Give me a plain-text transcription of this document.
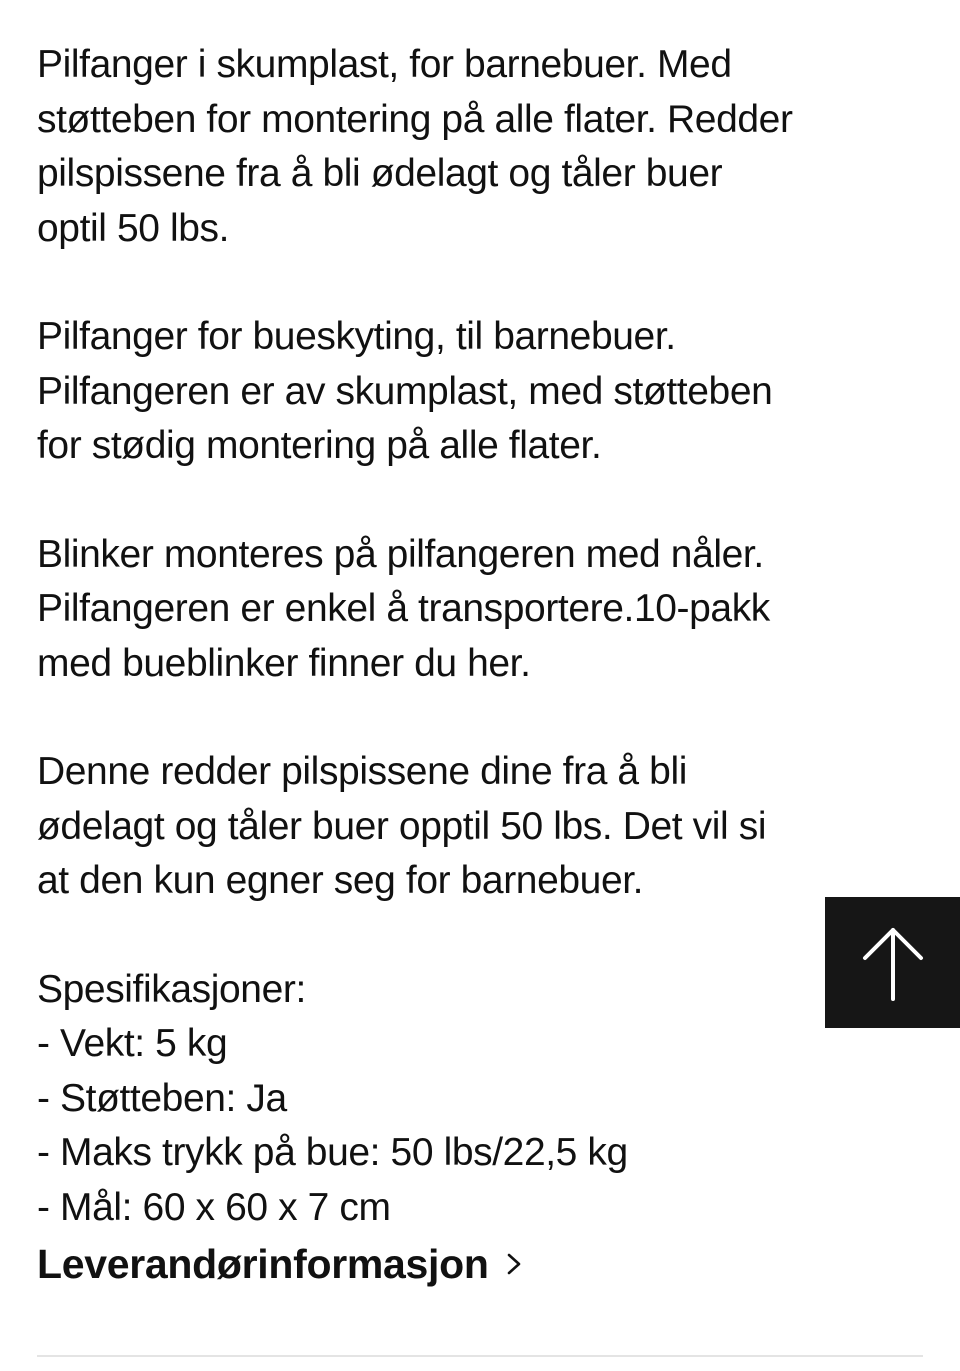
Pilfanger i skumplast, for barnebuer. Med
støtteben for montering på alle flater. Redder
pilspissene fra å bli ødelagt og tåler buer
optil 50 lbs.

Pilfanger for bueskyting, til barnebuer.
Pilfangeren er av skumplast, med støtteben
for stødig montering på alle flater.

Blinker monteres på pilfangeren med nåler.
Pilfangeren er enkel å transportere.10-pakk
med bueblinker finner du her.

Denne redder pilspissene dine fra å bli
ødelagt og tåler buer opptil 50 lbs. Det vil si
at den kun egner seg for barnebuer.

Spesifikasjoner:

- Vekt: 5 kg

- Støtteben: Ja

- Maks trykk på bue: 50 lbs/22,5 kg

- Mål: 60 x 60 x 7 cm

Leverandørinformasjon
